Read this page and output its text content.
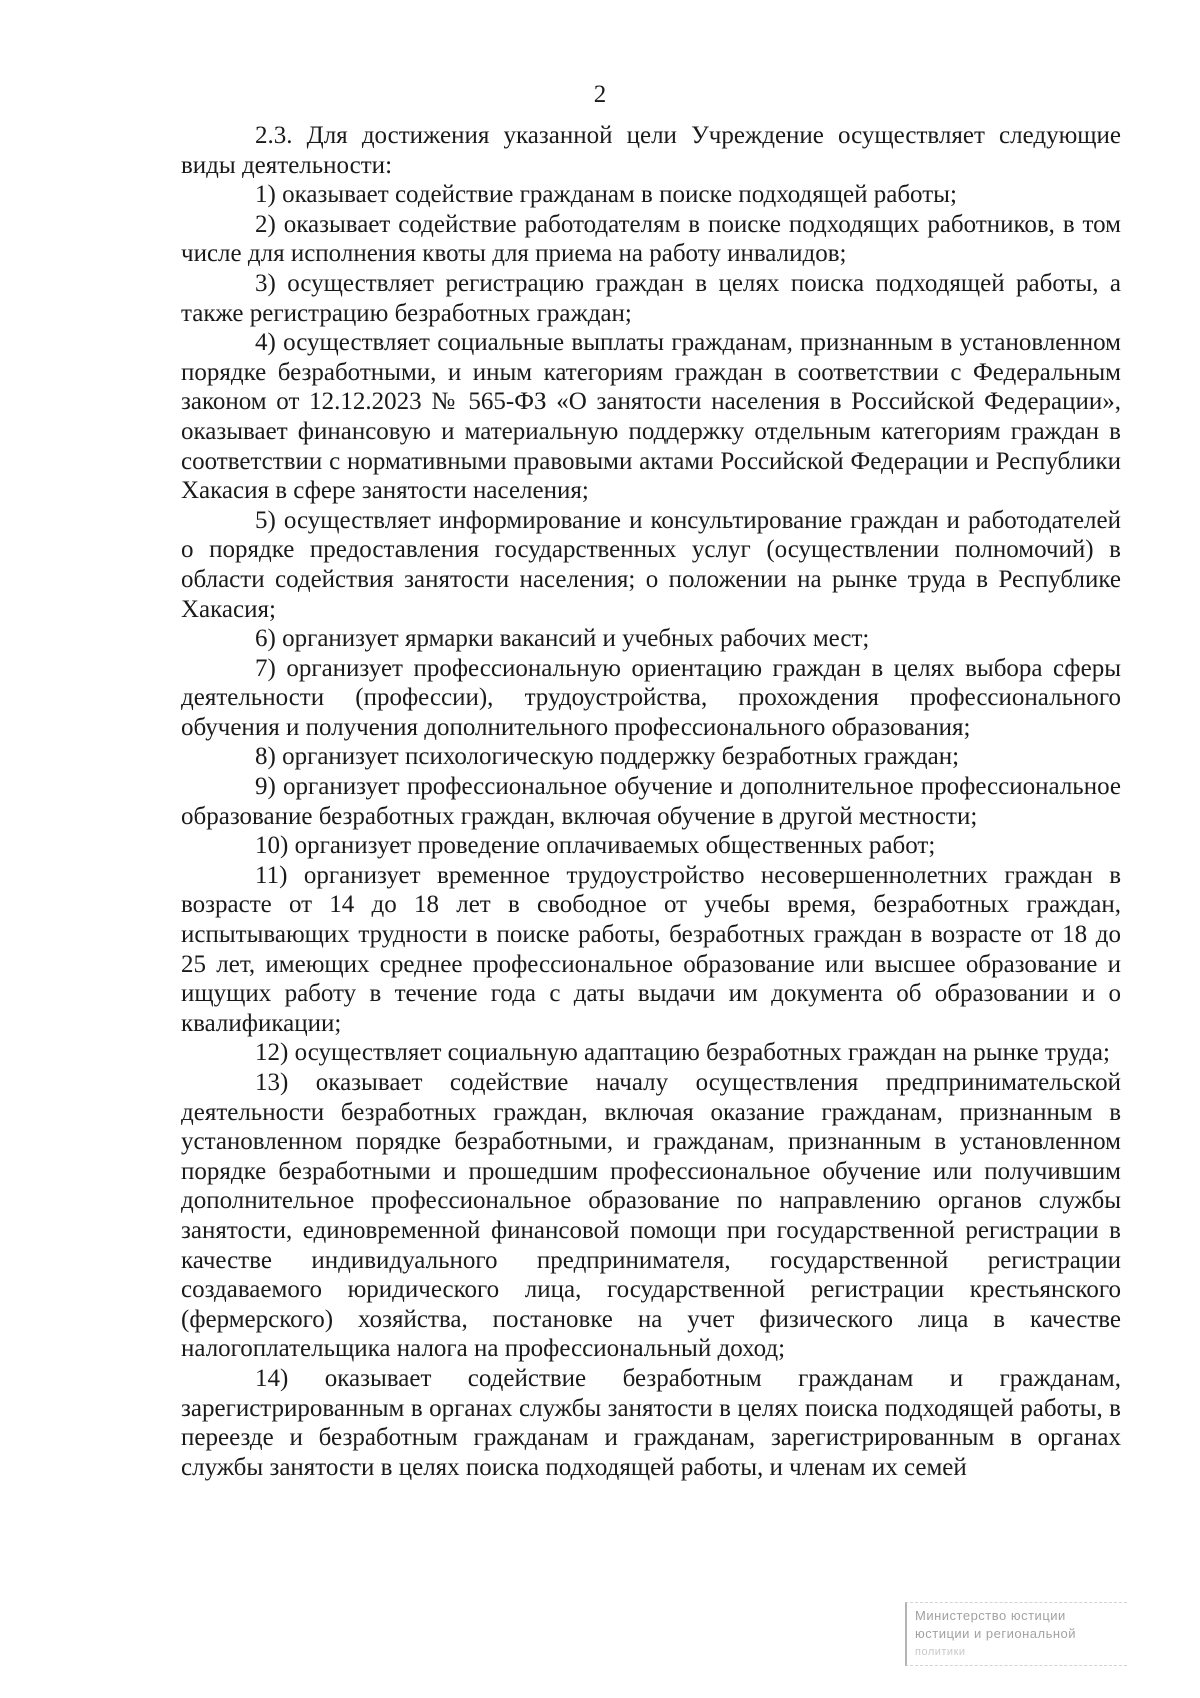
2

2.3. Для достижения указанной цели Учреждение осуществляет следующие виды деятельности:

1) оказывает содействие гражданам в поиске подходящей работы;

2) оказывает содействие работодателям в поиске подходящих работников, в том числе для исполнения квоты для приема на работу инвалидов;

3) осуществляет регистрацию граждан в целях поиска подходящей работы, а также регистрацию безработных граждан;

4) осуществляет социальные выплаты гражданам, признанным в установленном порядке безработными, и иным категориям граждан в соответствии с Федеральным законом от 12.12.2023 № 565-ФЗ «О занятости населения в Российской Федерации», оказывает финансовую и материальную поддержку отдельным категориям граждан в соответствии с нормативными правовыми актами Российской Федерации и Республики Хакасия в сфере занятости населения;

5) осуществляет информирование и консультирование граждан и работодателей о порядке предоставления государственных услуг (осуществлении полномочий) в области содействия занятости населения; о положении на рынке труда в Республике Хакасия;

6) организует ярмарки вакансий и учебных рабочих мест;

7) организует профессиональную ориентацию граждан в целях выбора сферы деятельности (профессии), трудоустройства, прохождения профессионального обучения и получения дополнительного профессионального образования;

8) организует психологическую поддержку безработных граждан;

9) организует профессиональное обучение и дополнительное профессиональное образование безработных граждан, включая обучение в другой местности;

10) организует проведение оплачиваемых общественных работ;

11) организует временное трудоустройство несовершеннолетних граждан в возрасте от 14 до 18 лет в свободное от учебы время, безработных граждан, испытывающих трудности в поиске работы, безработных граждан в возрасте от 18 до 25 лет, имеющих среднее профессиональное образование или высшее образование и ищущих работу в течение года с даты выдачи им документа об образовании и о квалификации;

12) осуществляет социальную адаптацию безработных граждан на рынке труда;

13) оказывает содействие началу осуществления предпринимательской деятельности безработных граждан, включая оказание гражданам, признанным в установленном порядке безработными, и гражданам, признанным в установленном порядке безработными и прошедшим профессиональное обучение или получившим дополнительное профессиональное образование по направлению органов службы занятости, единовременной финансовой помощи при государственной регистрации в качестве индивидуального предпринимателя, государственной регистрации создаваемого юридического лица, государственной регистрации крестьянского (фермерского) хозяйства, постановке на учет физического лица в качестве налогоплательщика налога на профессиональный доход;

14) оказывает содействие безработным гражданам и гражданам, зарегистрированным в органах службы занятости в целях поиска подходящей работы, в переезде и безработным гражданам и гражданам, зарегистрированным в органах службы занятости в целях поиска подходящей работы, и членам их семей

Министерство юстиции
юстиции и региональной
политики
